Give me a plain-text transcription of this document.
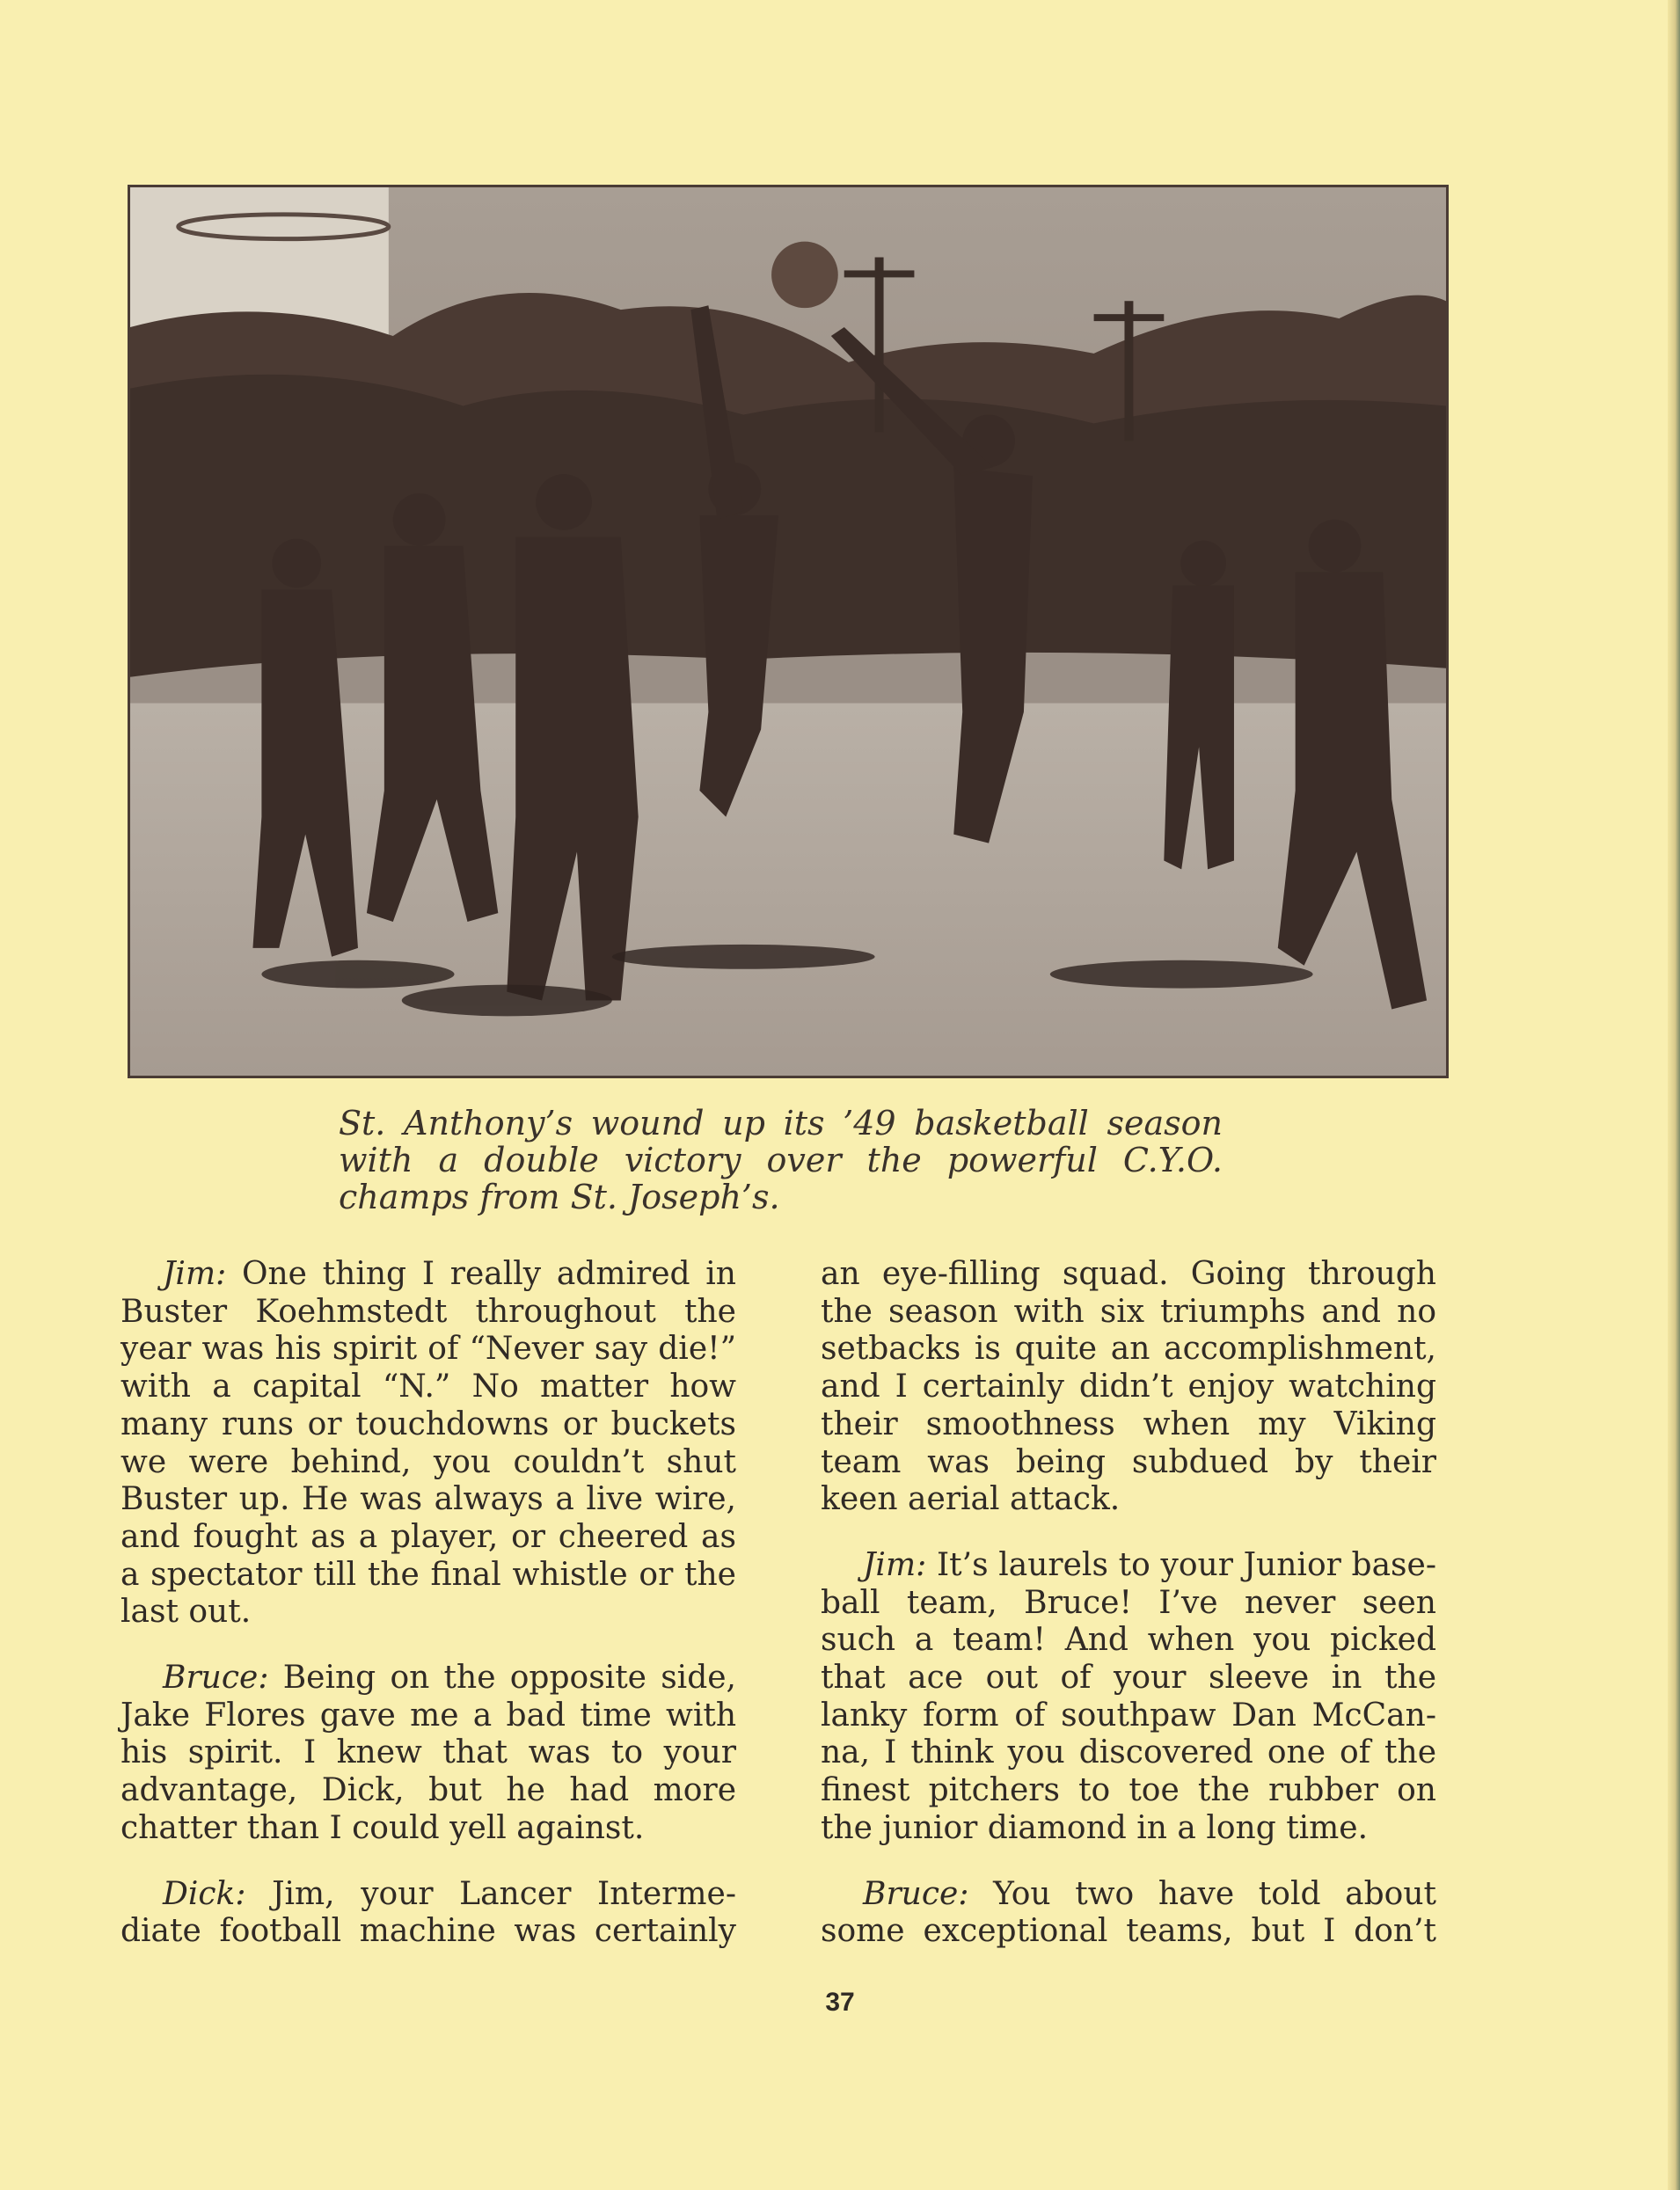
St. Anthony’s wound up its ’49 basketball season
with a double victory over the powerful C.Y.O.
champs from St. Joseph’s.
Jim: One thing I really admired in
Buster Koehmstedt throughout the
year was his spirit of “Never say die!”
with a capital “N.” No matter how
many runs or touchdowns or buckets
we were behind, you couldn’t shut
Buster up. He was always a live wire,
and fought as a player, or cheered as
a spectator till the final whistle or the
last out.
Bruce: Being on the opposite side,
Jake Flores gave me a bad time with
his spirit. I knew that was to your
advantage, Dick, but he had more
chatter than I could yell against.
Dick: Jim, your Lancer Interme-
diate football machine was certainly
an eye-filling squad. Going through
the season with six triumphs and no
setbacks is quite an accomplishment,
and I certainly didn’t enjoy watching
their smoothness when my Viking
team was being subdued by their
keen aerial attack.
Jim: It’s laurels to your Junior base-
ball team, Bruce! I’ve never seen
such a team! And when you picked
that ace out of your sleeve in the
lanky form of southpaw Dan McCan-
na, I think you discovered one of the
finest pitchers to toe the rubber on
the junior diamond in a long time.
Bruce: You two have told about
some exceptional teams, but I don’t
37
